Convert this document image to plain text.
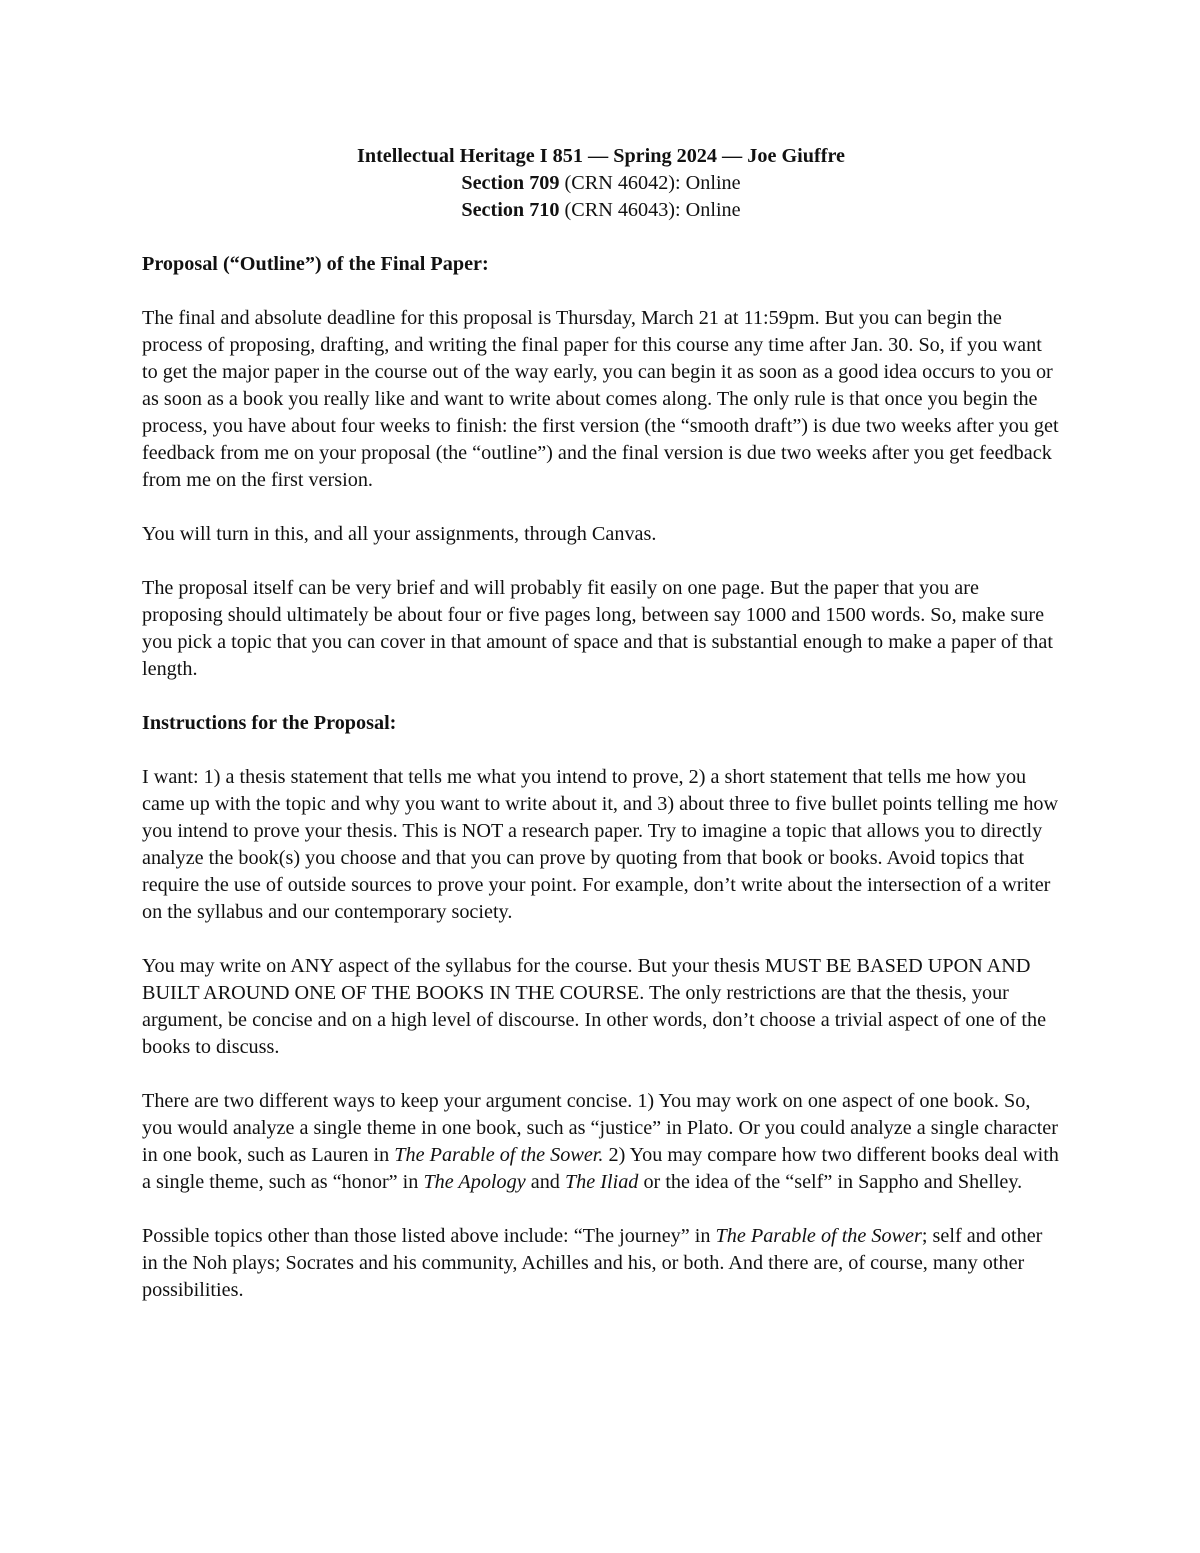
Intellectual Heritage I 851 — Spring 2024 — Joe Giuffre
Section 709 (CRN 46042): Online
Section 710 (CRN 46043): Online

Proposal (“Outline”) of the Final Paper:

The final and absolute deadline for this proposal is Thursday, March 21 at 11:59pm. But you can begin the process of proposing, drafting, and writing the final paper for this course any time after Jan. 30. So, if you want to get the major paper in the course out of the way early, you can begin it as soon as a good idea occurs to you or as soon as a book you really like and want to write about comes along. The only rule is that once you begin the process, you have about four weeks to finish: the first version (the “smooth draft”) is due two weeks after you get feedback from me on your proposal (the “outline”) and the final version is due two weeks after you get feedback from me on the first version.

You will turn in this, and all your assignments, through Canvas.

The proposal itself can be very brief and will probably fit easily on one page. But the paper that you are proposing should ultimately be about four or five pages long, between say 1000 and 1500 words. So, make sure you pick a topic that you can cover in that amount of space and that is substantial enough to make a paper of that length.

Instructions for the Proposal:

I want: 1) a thesis statement that tells me what you intend to prove, 2) a short statement that tells me how you came up with the topic and why you want to write about it, and 3) about three to five bullet points telling me how you intend to prove your thesis. This is NOT a research paper. Try to imagine a topic that allows you to directly analyze the book(s) you choose and that you can prove by quoting from that book or books. Avoid topics that require the use of outside sources to prove your point. For example, don’t write about the intersection of a writer on the syllabus and our contemporary society.

You may write on ANY aspect of the syllabus for the course. But your thesis MUST BE BASED UPON AND BUILT AROUND ONE OF THE BOOKS IN THE COURSE. The only restrictions are that the thesis, your argument, be concise and on a high level of discourse. In other words, don’t choose a trivial aspect of one of the books to discuss.

There are two different ways to keep your argument concise. 1) You may work on one aspect of one book. So, you would analyze a single theme in one book, such as “justice” in Plato. Or you could analyze a single character in one book, such as Lauren in The Parable of the Sower. 2) You may compare how two different books deal with a single theme, such as “honor” in The Apology and The Iliad or the idea of the “self” in Sappho and Shelley.

Possible topics other than those listed above include: “The journey” in The Parable of the Sower; self and other in the Noh plays; Socrates and his community, Achilles and his, or both. And there are, of course, many other possibilities.
